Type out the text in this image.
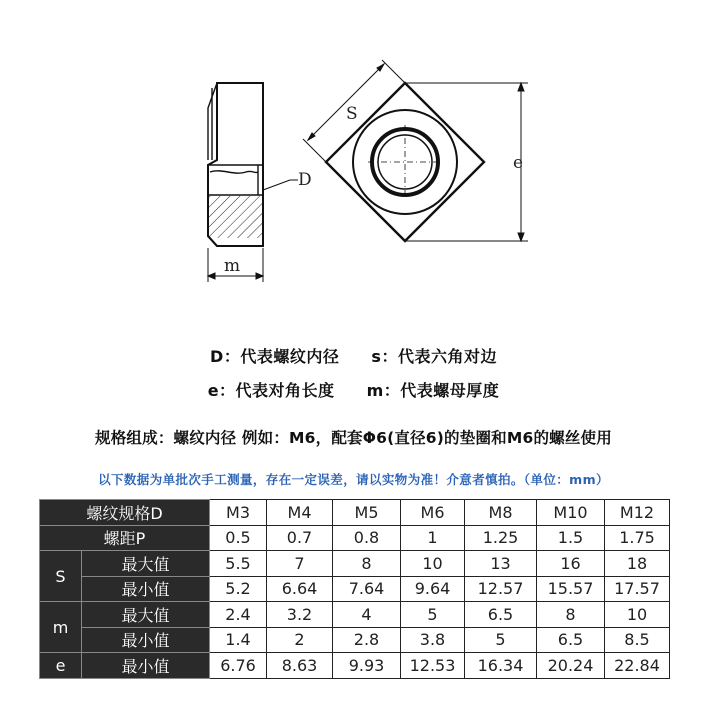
D
m
S
e
D：代表螺纹内径 s：代表六角对边
e：代表对角长度 m：代表螺母厚度
规格组成：螺纹内径 例如：M6，配套Φ6(直径6)的垫圈和M6的螺丝使用
以下数据为单批次手工测量，存在一定误差，请以实物为准！介意者慎拍。（单位：mm）
螺纹规格D		M3	M4	M5	M6	M8	M10	M12
螺距P		0.5	0.7	0.8	1	1.25	1.5	1.75
S	最大值	5.5	7	8	10	13	16	18
	最小值	5.2	6.64	7.64	9.64	12.57	15.57	17.57
m	最大值	2.4	3.2	4	5	6.5	8	10
	最小值	1.4	2	2.8	3.8	5	6.5	8.5
e	最小值	6.76	8.63	9.93	12.53	16.34	20.24	22.84
